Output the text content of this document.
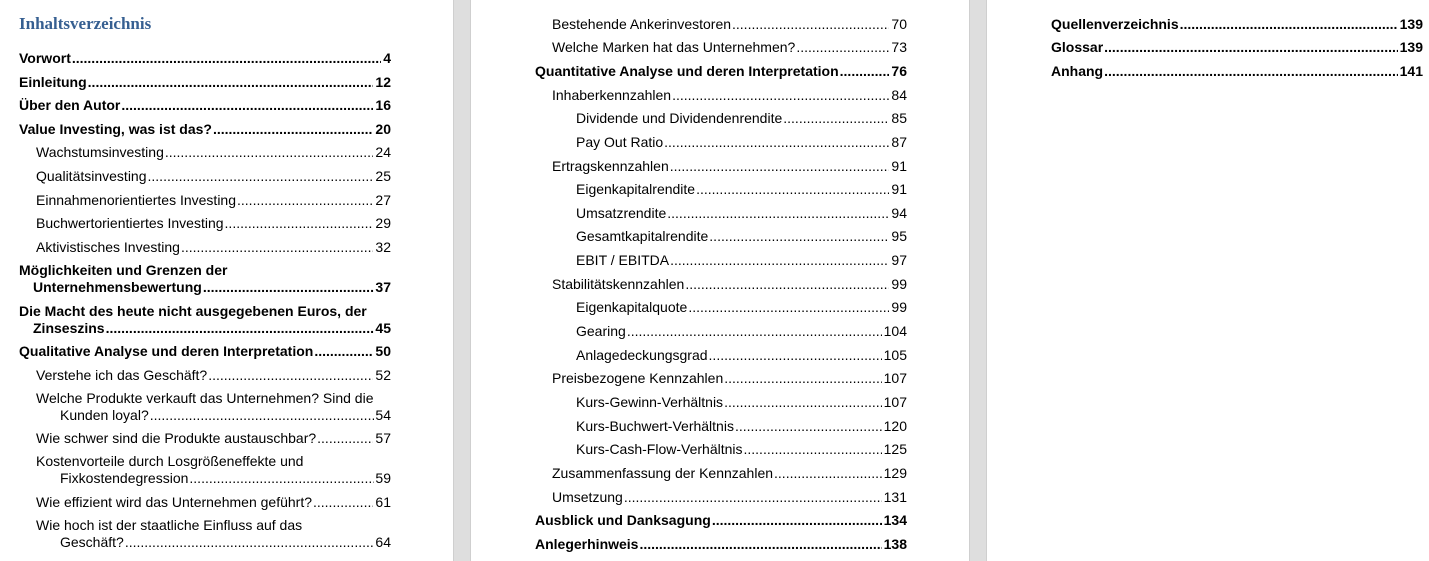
Inhaltsverzeichnis
Vorwort .....	4
Einleitung .....	12
Über den Autor .....	16
Value Investing, was ist das? .....	20
Wachstumsinvesting .....	24
Qualitätsinvesting .....	25
Einnahmenorientiertes Investing .....	27
Buchwertorientiertes Investing .....	29
Aktivistisches Investing .....	32
Möglichkeiten und Grenzen der
Unternehmensbewertung .....	37
Die Macht des heute nicht ausgegebenen Euros, der
Zinseszins .....	45
Qualitative Analyse und deren Interpretation .....	50
Verstehe ich das Geschäft? .....	52
Welche Produkte verkauft das Unternehmen? Sind die
Kunden loyal? .....	54
Wie schwer sind die Produkte austauschbar? .....	57
Kostenvorteile durch Losgrößeneffekte und
Fixkostendegression .....	59
Wie effizient wird das Unternehmen geführt? .....	61
Wie hoch ist der staatliche Einfluss auf das
Geschäft? .....	64
Bestehende Ankerinvestoren .....	70
Welche Marken hat das Unternehmen? .....	73
Quantitative Analyse und deren Interpretation .....	76
Inhaberkennzahlen .....	84
Dividende und Dividendenrendite .....	85
Pay Out Ratio .....	87
Ertragskennzahlen .....	91
Eigenkapitalrendite .....	91
Umsatzrendite .....	94
Gesamtkapitalrendite .....	95
EBIT / EBITDA .....	97
Stabilitätskennzahlen .....	99
Eigenkapitalquote .....	99
Gearing .....	104
Anlagedeckungsgrad .....	105
Preisbezogene Kennzahlen .....	107
Kurs-Gewinn-Verhältnis .....	107
Kurs-Buchwert-Verhältnis .....	120
Kurs-Cash-Flow-Verhältnis .....	125
Zusammenfassung der Kennzahlen .....	129
Umsetzung .....	131
Ausblick und Danksagung .....	134
Anlegerhinweis .....	138
Quellenverzeichnis .....	139
Glossar .....	139
Anhang .....	141
